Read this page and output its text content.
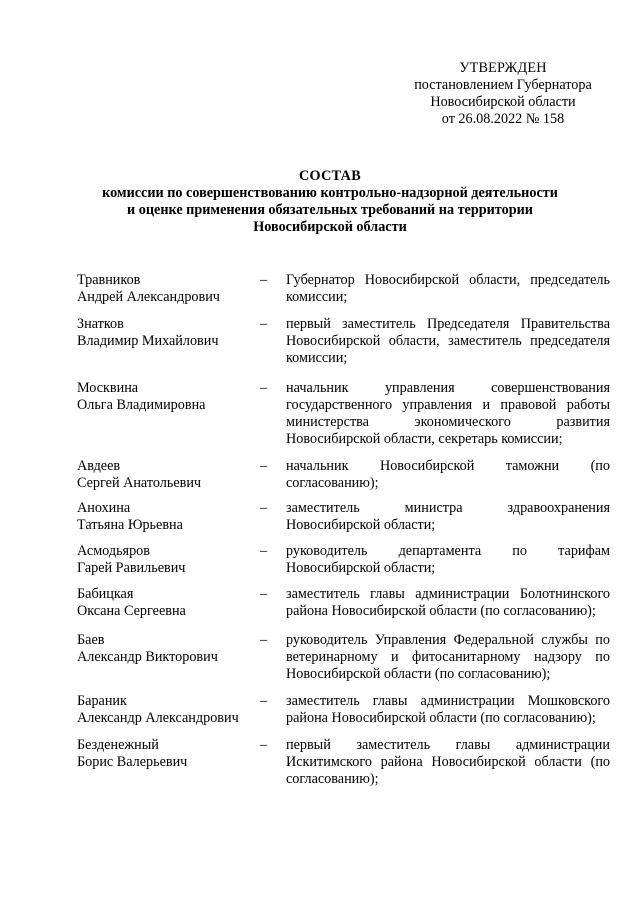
УТВЕРЖДЕН
постановлением Губернатора
Новосибирской области
от 26.08.2022 № 158
СОСТАВ
комиссии по совершенствованию контрольно-надзорной деятельности
и оценке применения обязательных требований на территории
Новосибирской области
Травников
Андрей Александрович
–	Губернатор Новосибирской области, председатель комиссии;
Знатков
Владимир Михайлович
–	первый заместитель Председателя Правительства Новосибирской области, заместитель председателя комиссии;
Москвина
Ольга Владимировна
–	начальник управления совершенствования государственного управления и правовой работы министерства экономического развития Новосибирской области, секретарь комиссии;
Авдеев
Сергей Анатольевич
–	начальник Новосибирской таможни (по согласованию);
Анохина
Татьяна Юрьевна
–	заместитель министра здравоохранения Новосибирской области;
Асмодьяров
Гарей Равильевич
–	руководитель департамента по тарифам Новосибирской области;
Бабицкая
Оксана Сергеевна
–	заместитель главы администрации Болотнинского района Новосибирской области (по согласованию);
Баев
Александр Викторович
–	руководитель Управления Федеральной службы по ветеринарному и фитосанитарному надзору по Новосибирской области (по согласованию);
Бараник
Александр Александрович
–	заместитель главы администрации Мошковского района Новосибирской области (по согласованию);
Безденежный
Борис Валерьевич
–	первый заместитель главы администрации Искитимского района Новосибирской области (по согласованию);
